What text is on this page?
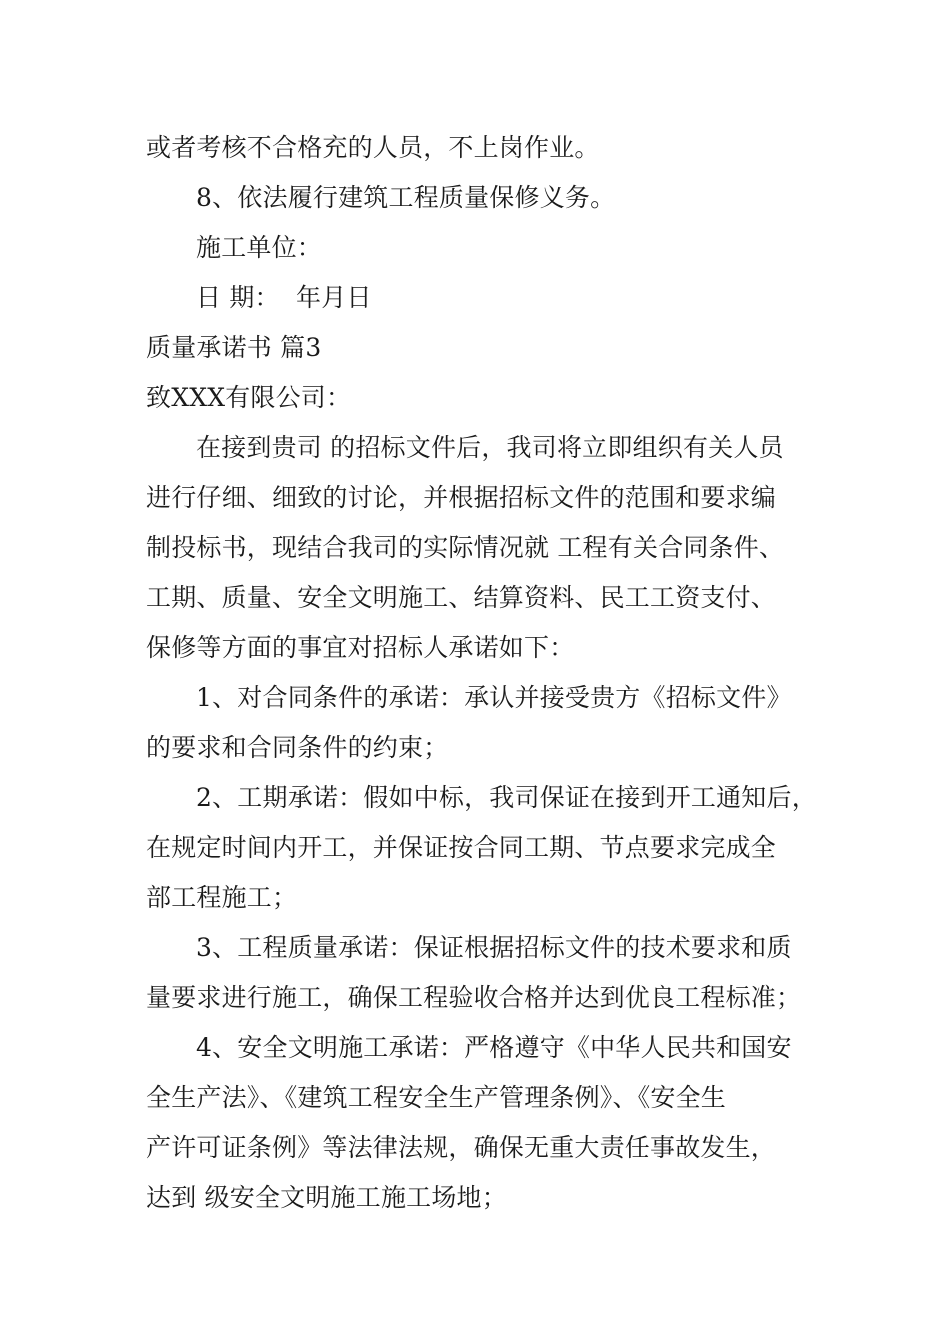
或者考核不合格充的人员，不上岗作业。
8、依法履行建筑工程质量保修义务。
施工单位：
日 期：  年月日
质量承诺书 篇3
致XXX有限公司：
在接到贵司 的招标文件后，我司将立即组织有关人员
进行仔细、细致的讨论，并根据招标文件的范围和要求编
制投标书，现结合我司的实际情况就 工程有关合同条件、
工期、质量、安全文明施工、结算资料、民工工资支付、
保修等方面的事宜对招标人承诺如下：
1、对合同条件的承诺：承认并接受贵方《招标文件》
的要求和合同条件的约束；
2、工期承诺：假如中标，我司保证在接到开工通知后，
在规定时间内开工，并保证按合同工期、节点要求完成全
部工程施工；
3、工程质量承诺：保证根据招标文件的技术要求和质
量要求进行施工，确保工程验收合格并达到优良工程标准；
4、安全文明施工承诺：严格遵守《中华人民共和国安
全生产法》、《建筑工程安全生产管理条例》、《安全生
产许可证条例》等法律法规，确保无重大责任事故发生，
达到 级安全文明施工施工场地；
